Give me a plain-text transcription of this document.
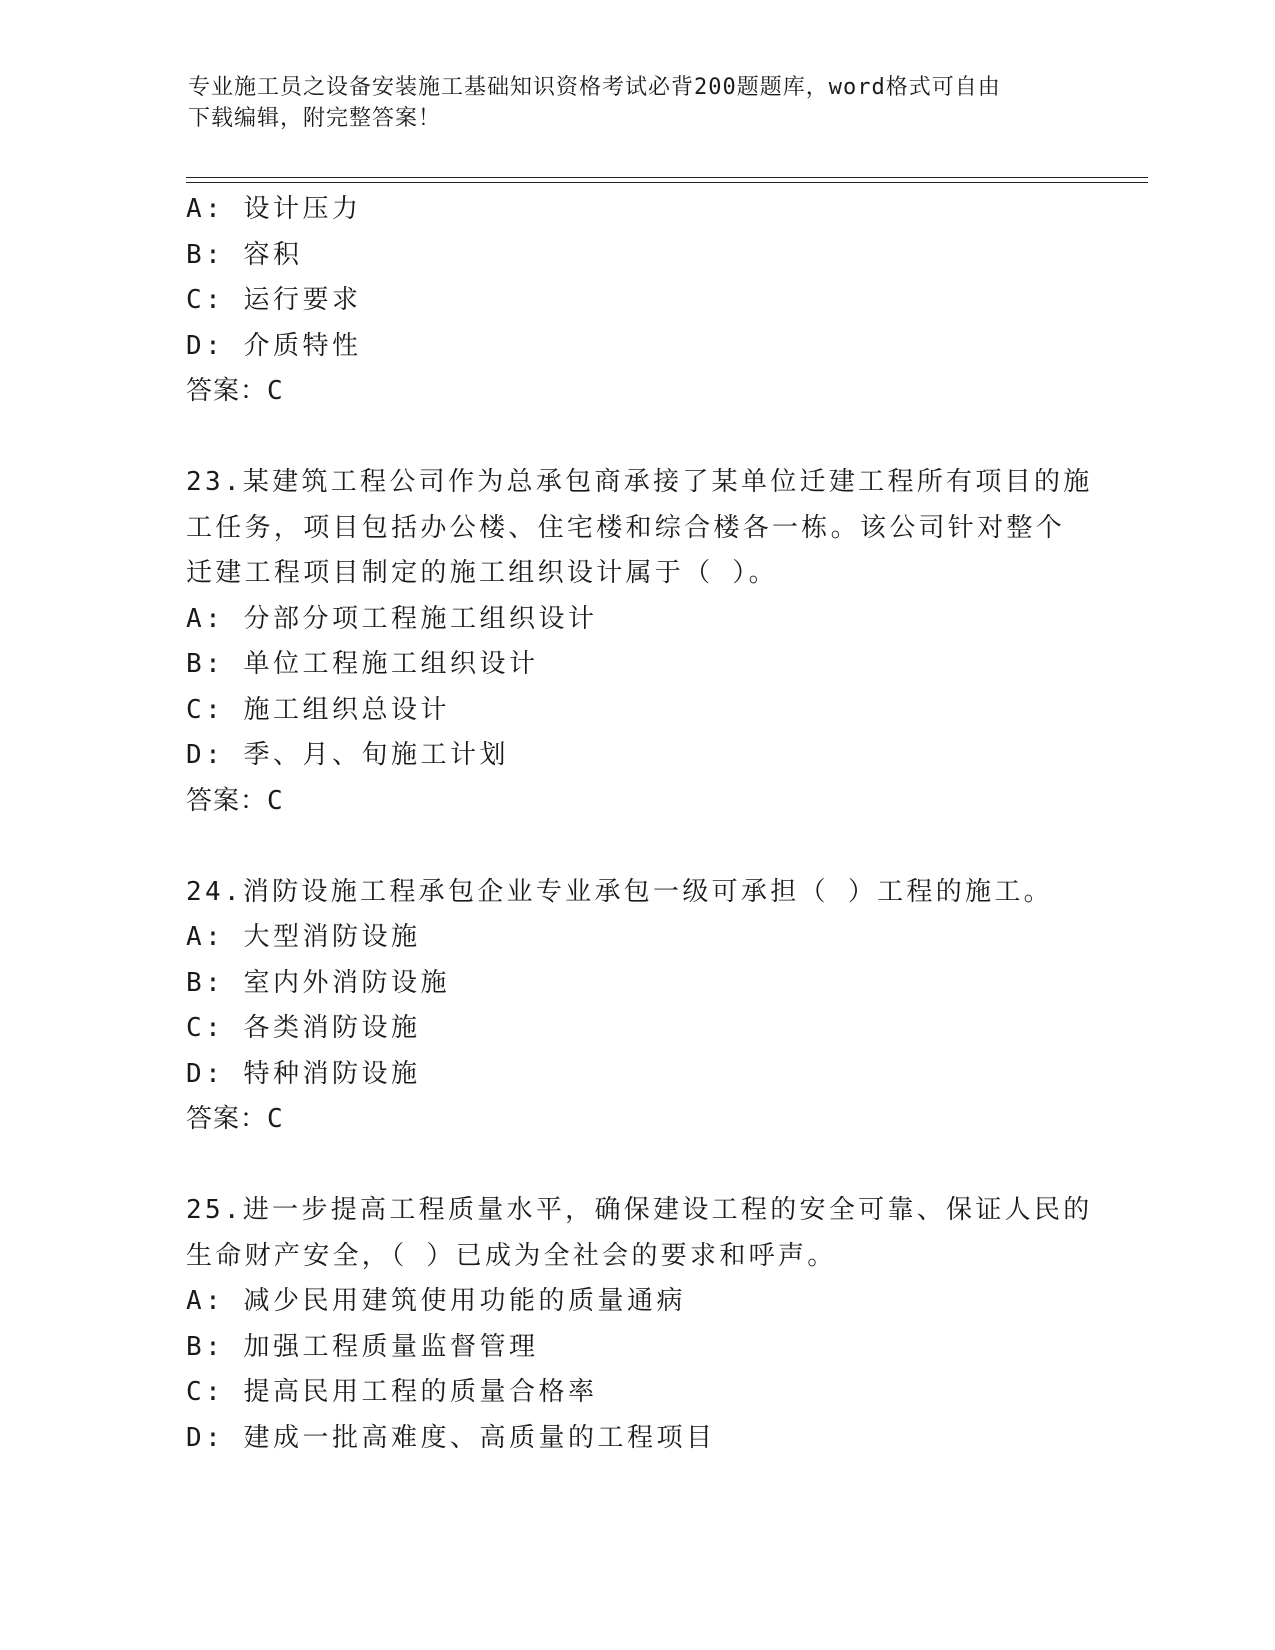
专业施工员之设备安装施工基础知识资格考试必背200题题库，word格式可自由
下载编辑，附完整答案！
A: 设计压力
B: 容积
C: 运行要求
D: 介质特性
答案：C
23.某建筑工程公司作为总承包商承接了某单位迁建工程所有项目的施
工任务，项目包括办公楼、住宅楼和综合楼各一栋。该公司针对整个
迁建工程项目制定的施工组织设计属于（ ）。
A: 分部分项工程施工组织设计
B: 单位工程施工组织设计
C: 施工组织总设计
D: 季、月、旬施工计划
答案：C
24.消防设施工程承包企业专业承包一级可承担（ ）工程的施工。
A: 大型消防设施
B: 室内外消防设施
C: 各类消防设施
D: 特种消防设施
答案：C
25.进一步提高工程质量水平，确保建设工程的安全可靠、保证人民的
生命财产安全，（ ）已成为全社会的要求和呼声。
A: 减少民用建筑使用功能的质量通病
B: 加强工程质量监督管理
C: 提高民用工程的质量合格率
D: 建成一批高难度、高质量的工程项目
